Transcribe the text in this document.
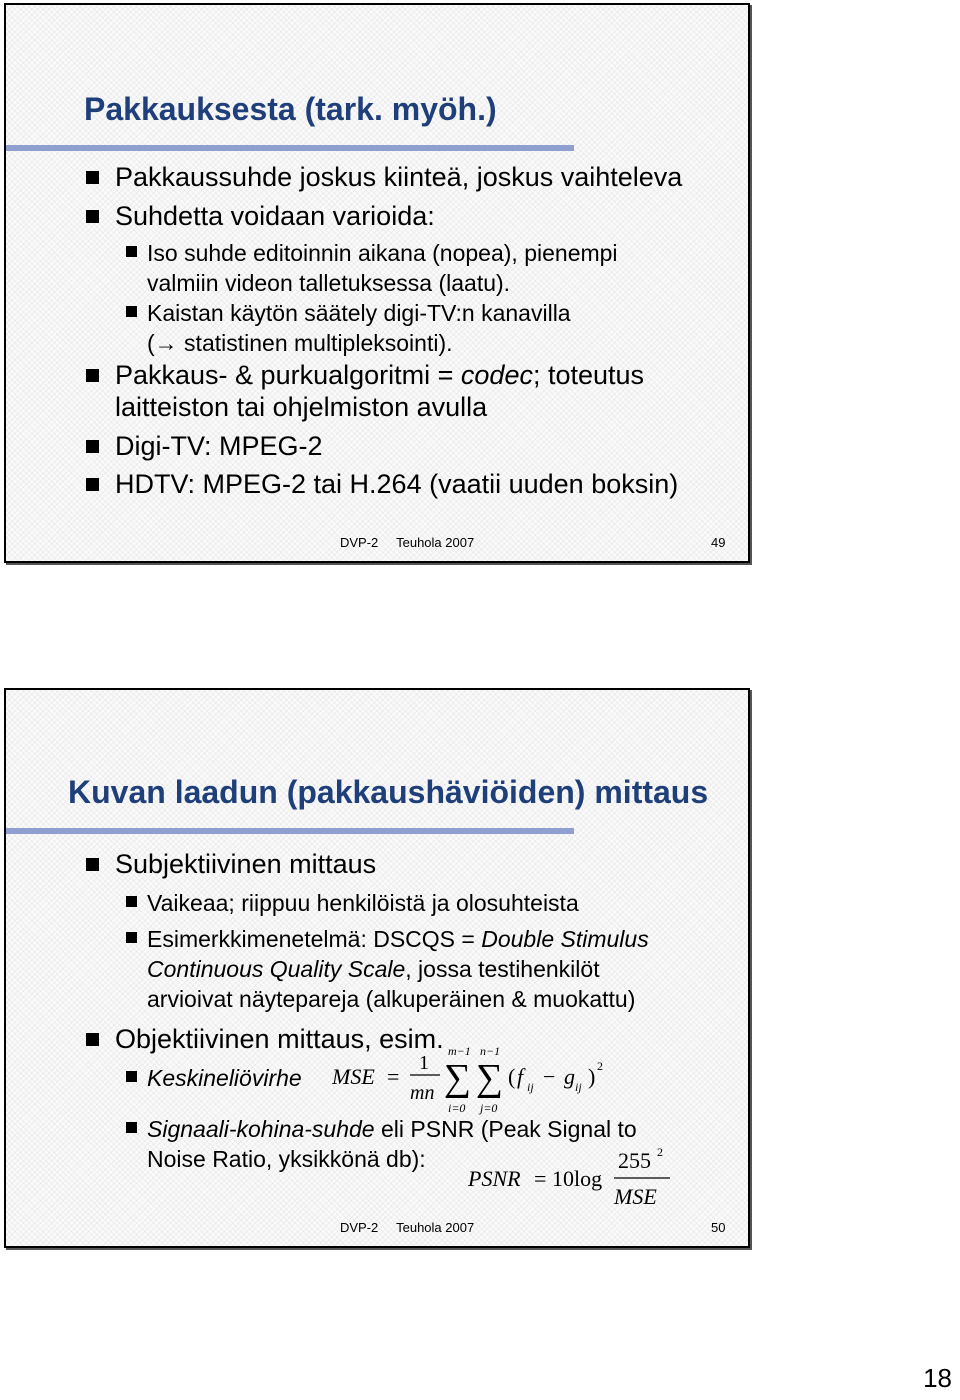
Pakkauksesta (tark. myöh.)
Pakkaussuhde joskus kiinteä, joskus vaihteleva
Suhdetta voidaan varioida:
Iso suhde editoinnin aikana (nopea), pienempi
valmiin videon talletuksessa (laatu).
Kaistan käytön säätely digi-TV:n kanavilla
(→ statistinen multipleksointi).
Pakkaus- & purkualgoritmi = codec; toteutus
laitteiston tai ohjelmiston avulla
Digi-TV: MPEG-2
HDTV: MPEG-2 tai H.264 (vaatii uuden boksin)
DVP-2     Teuhola 2007	49
Kuvan laadun (pakkaushäviöiden) mittaus
Subjektiivinen mittaus
Vaikeaa; riippuu henkilöistä ja olosuhteista
Esimerkkimenetelmä: DSCQS = Double Stimulus
Continuous Quality Scale, jossa testihenkilöt
arvioivat näytepareja (alkuperäinen & muokattu)
Objektiivinen mittaus, esim.
Keskineliövirhe MSE =
1
mn
m−1
∑
i=0
n−1
∑
j=0
( f ij − g ij ) 2
Signaali-kohina-suhde eli PSNR (Peak Signal to
Noise Ratio, yksikkönä db):	255 2
PSNR = 10log
MSE
DVP-2     Teuhola 2007	50
18
